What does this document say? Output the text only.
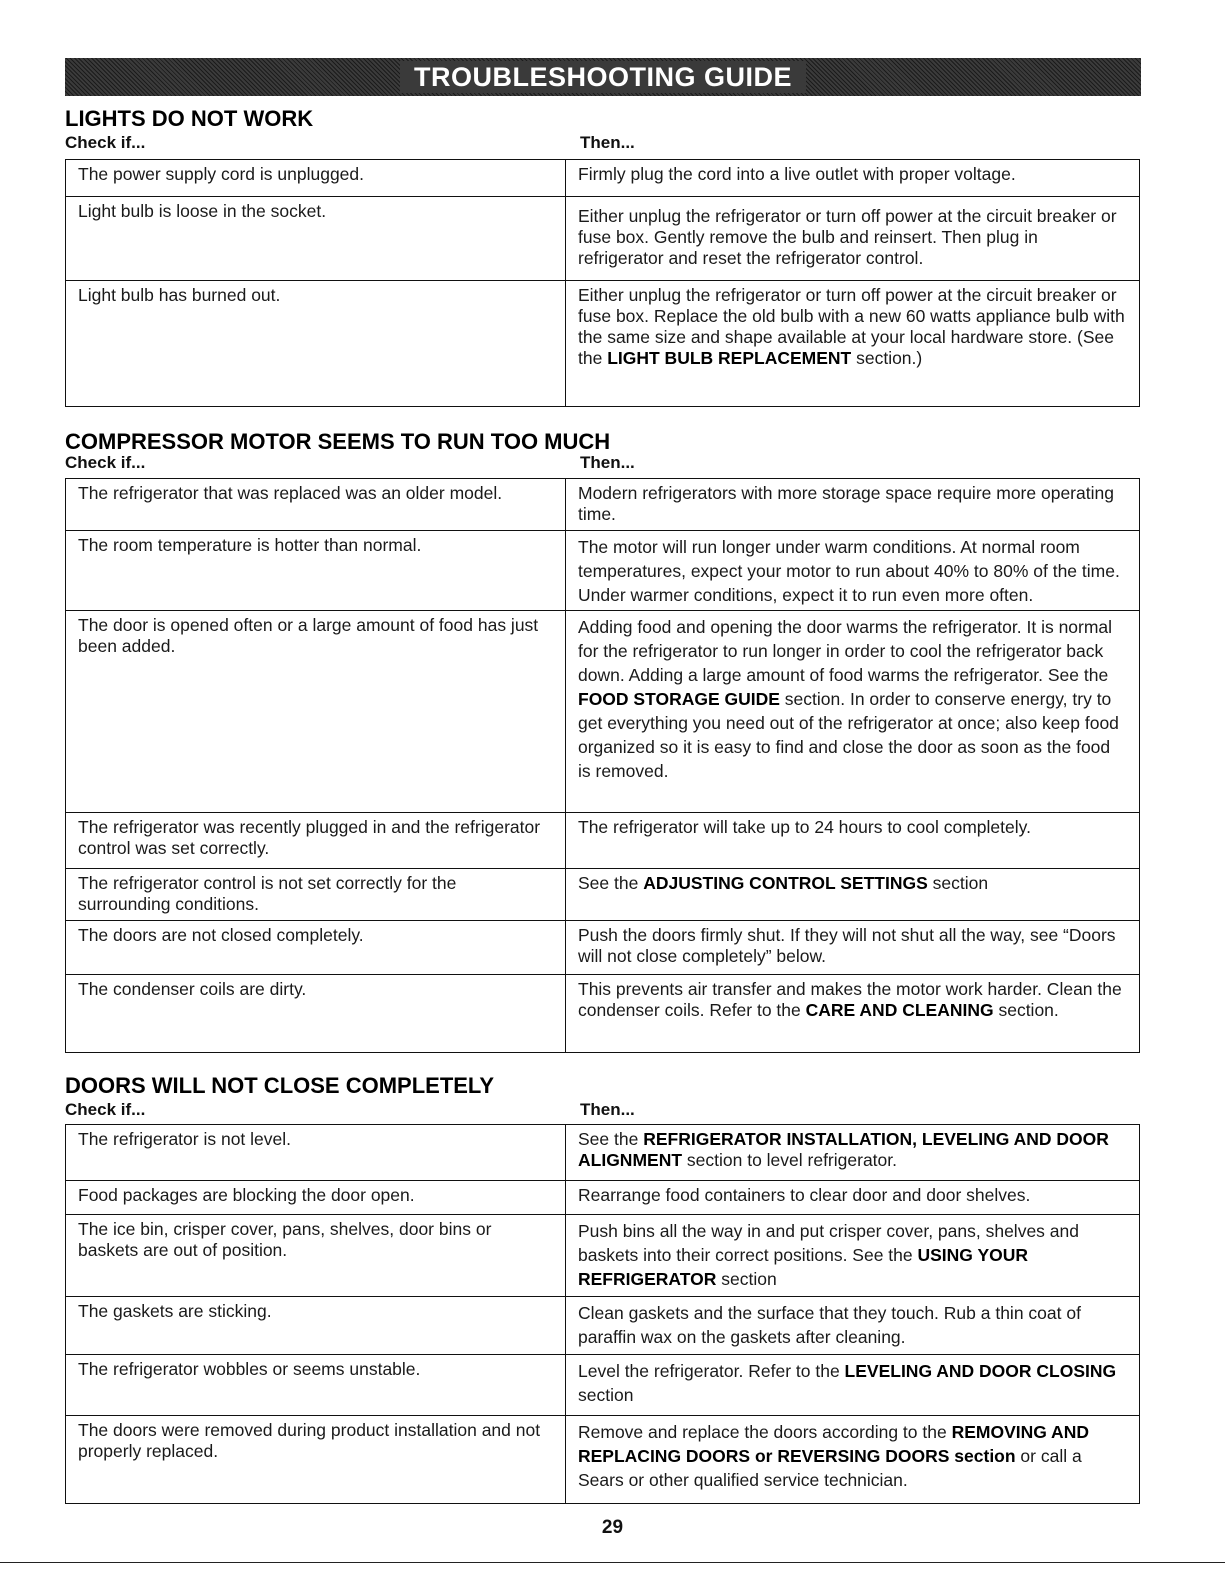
TROUBLESHOOTING GUIDE
LIGHTS DO NOT WORK
Check if...	Then...
The power supply cord is unplugged.	Firmly plug the cord into a live outlet with proper voltage.
Light bulb is loose in the socket.	Either unplug the refrigerator or turn off power at the circuit breaker or fuse box. Gently remove the bulb and reinsert. Then plug in refrigerator and reset the refrigerator control.
Light bulb has burned out.	Either unplug the refrigerator or turn off power at the circuit breaker or fuse box. Replace the old bulb with a new 60 watts appliance bulb with the same size and shape available at your local hardware store. (See the LIGHT BULB REPLACEMENT section.)
COMPRESSOR MOTOR SEEMS TO RUN TOO MUCH
Check if...	Then...
The refrigerator that was replaced was an older model.	Modern refrigerators with more storage space require more operating time.
The room temperature is hotter than normal.	The motor will run longer under warm conditions. At normal room temperatures, expect your motor to run about 40% to 80% of the time. Under warmer conditions, expect it to run even more often.
The door is opened often or a large amount of food has just been added.	Adding food and opening the door warms the refrigerator. It is normal for the refrigerator to run longer in order to cool the refrigerator back down. Adding a large amount of food warms the refrigerator. See the FOOD STORAGE GUIDE section. In order to conserve energy, try to get everything you need out of the refrigerator at once; also keep food organized so it is easy to find and close the door as soon as the food is removed.
The refrigerator was recently plugged in and the refrigerator control was set correctly.	The refrigerator will take up to 24 hours to cool completely.
The refrigerator control is not set correctly for the surrounding conditions.	See the ADJUSTING CONTROL SETTINGS section
The doors are not closed completely.	Push the doors firmly shut. If they will not shut all the way, see “Doors will not close completely” below.
The condenser coils are dirty.	This prevents air transfer and makes the motor work harder. Clean the condenser coils. Refer to the CARE AND CLEANING section.
DOORS WILL NOT CLOSE COMPLETELY
Check if...	Then...
The refrigerator is not level.	See the REFRIGERATOR INSTALLATION, LEVELING AND DOOR ALIGNMENT section to level refrigerator.
Food packages are blocking the door open.	Rearrange food containers to clear door and door shelves.
The ice bin, crisper cover, pans, shelves, door bins or baskets are out of position.	Push bins all the way in and put crisper cover, pans, shelves and baskets into their correct positions. See the USING YOUR REFRIGERATOR section
The gaskets are sticking.	Clean gaskets and the surface that they touch. Rub a thin coat of paraffin wax on the gaskets after cleaning.
The refrigerator wobbles or seems unstable.	Level the refrigerator. Refer to the LEVELING AND DOOR CLOSING section
The doors were removed during product installation and not properly replaced.	Remove and replace the doors according to the REMOVING AND REPLACING DOORS or REVERSING DOORS section or call a Sears or other qualified service technician.
29
